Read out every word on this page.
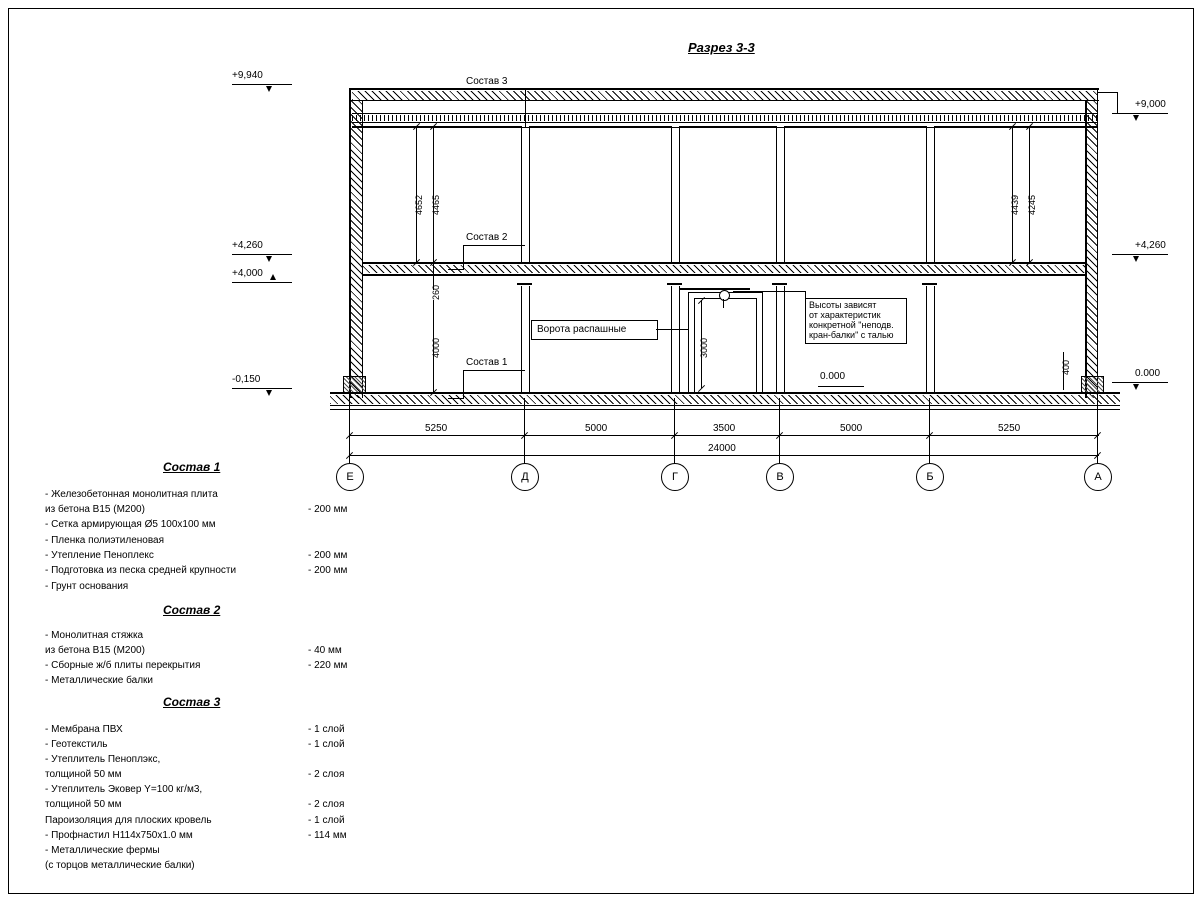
Разрез 3-3
+9,940
+4,260
+4,000
-0,150
+9,000
+4,260
0.000
4652 4465
260
4000
4439 4245
3000
400
0.000
Состав 3
Состав 2
Состав 1
Ворота распашные
Высоты зависят
от характеристик
конкретной "неподв.
кран-балки" с талью
5250	5000	3500	5000	5250
24000
Е	Д	Г	В	Б	А
Состав 1
- Железобетонная монолитная плита
из бетона В15 (М200)	- 200 мм
- Сетка армирующая Ø5 100х100 мм
- Пленка полиэтиленовая
- Утепление Пеноплекс	- 200 мм
- Подготовка из песка средней крупности	- 200 мм
- Грунт основания
Состав 2
- Монолитная стяжка
из бетона В15 (М200)	- 40 мм
- Сборные ж/б плиты перекрытия	- 220 мм
- Металлические балки
Состав 3
- Мембрана ПВХ	- 1 слой
- Геотекстиль	- 1 слой
- Утеплитель Пеноплэкс,
толщиной 50 мм	- 2 слоя
- Утеплитель Эковер Y=100 кг/м3,
толщиной 50 мм	- 2 слоя
Пароизоляция для плоских кровель	- 1 слой
- Профнастил Н114х750х1.0 мм	- 114 мм
- Металлические фермы
(с торцов металлические балки)
